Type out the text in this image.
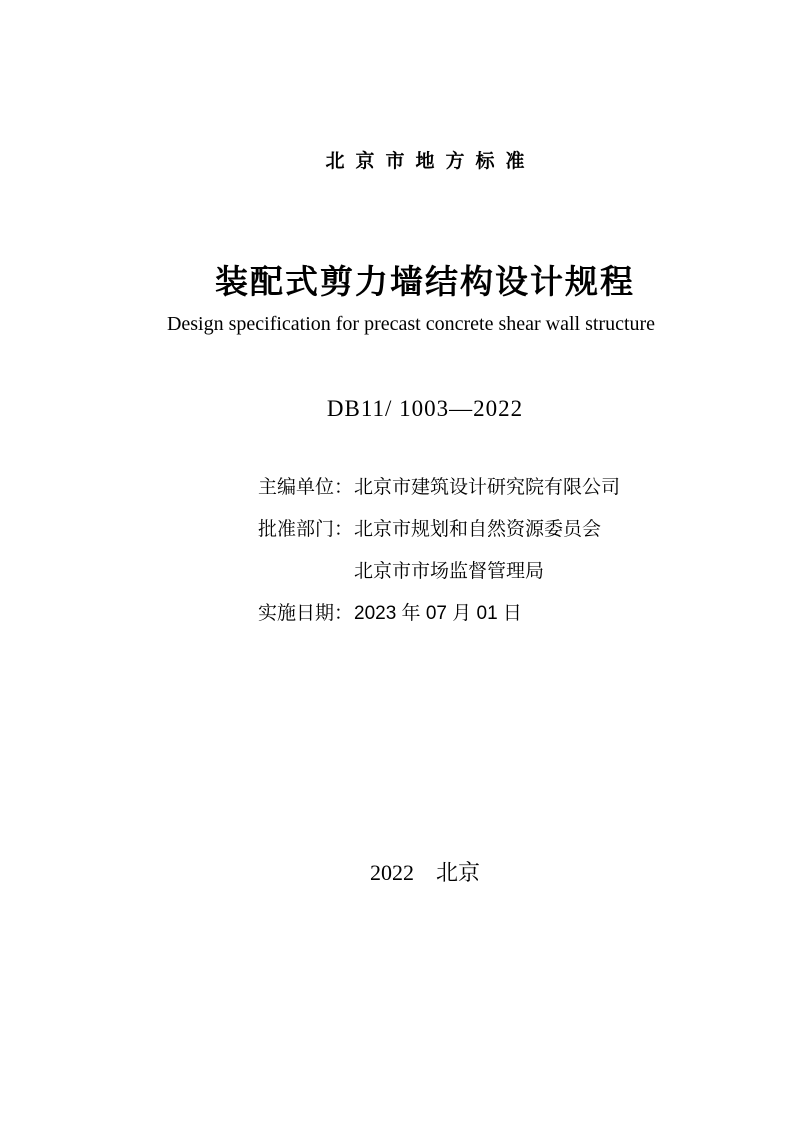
北京市地方标准
装配式剪力墙结构设计规程
Design specification for precast concrete shear wall structure
DB11/ 1003—2022
主编单位：北京市建筑设计研究院有限公司
批准部门：北京市规划和自然资源委员会
北京市市场监督管理局
实施日期：2023 年 07 月 01 日
2022 北京
